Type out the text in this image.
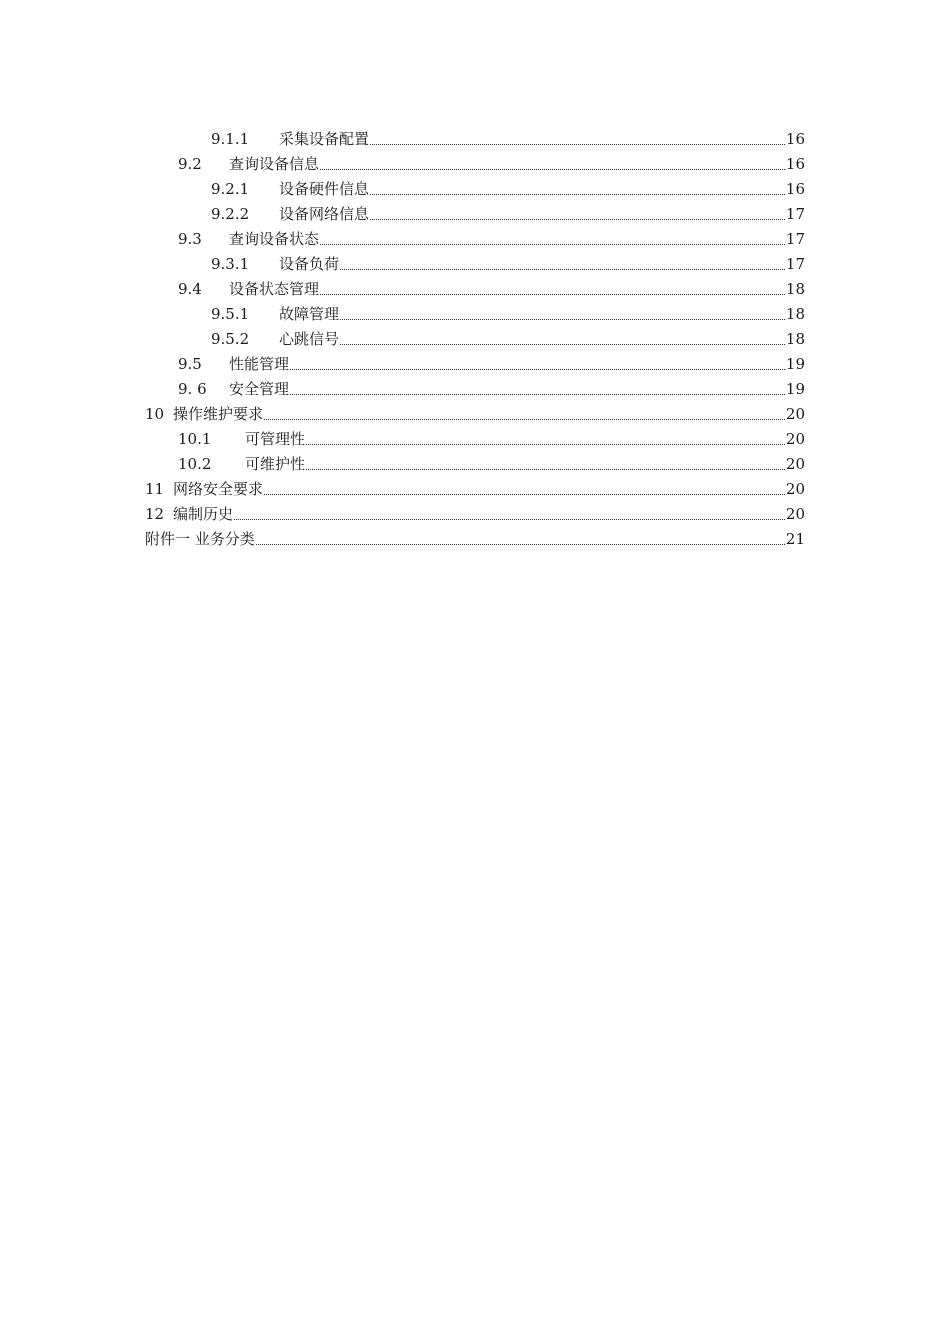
9.1.1	采集设备配置	16
9.2	查询设备信息	16
9.2.1	设备硬件信息	16
9.2.2	设备网络信息	17
9.3	查询设备状态	17
9.3.1	设备负荷	17
9.4	设备状态管理	18
9.5.1	故障管理	18
9.5.2	心跳信号	18
9.5	性能管理	19
9. 6	安全管理	19
10 操作维护要求	20
10.1	可管理性	20
10.2	可维护性	20
11 网络安全要求	20
12 编制历史	20
附件一 业务分类	21
